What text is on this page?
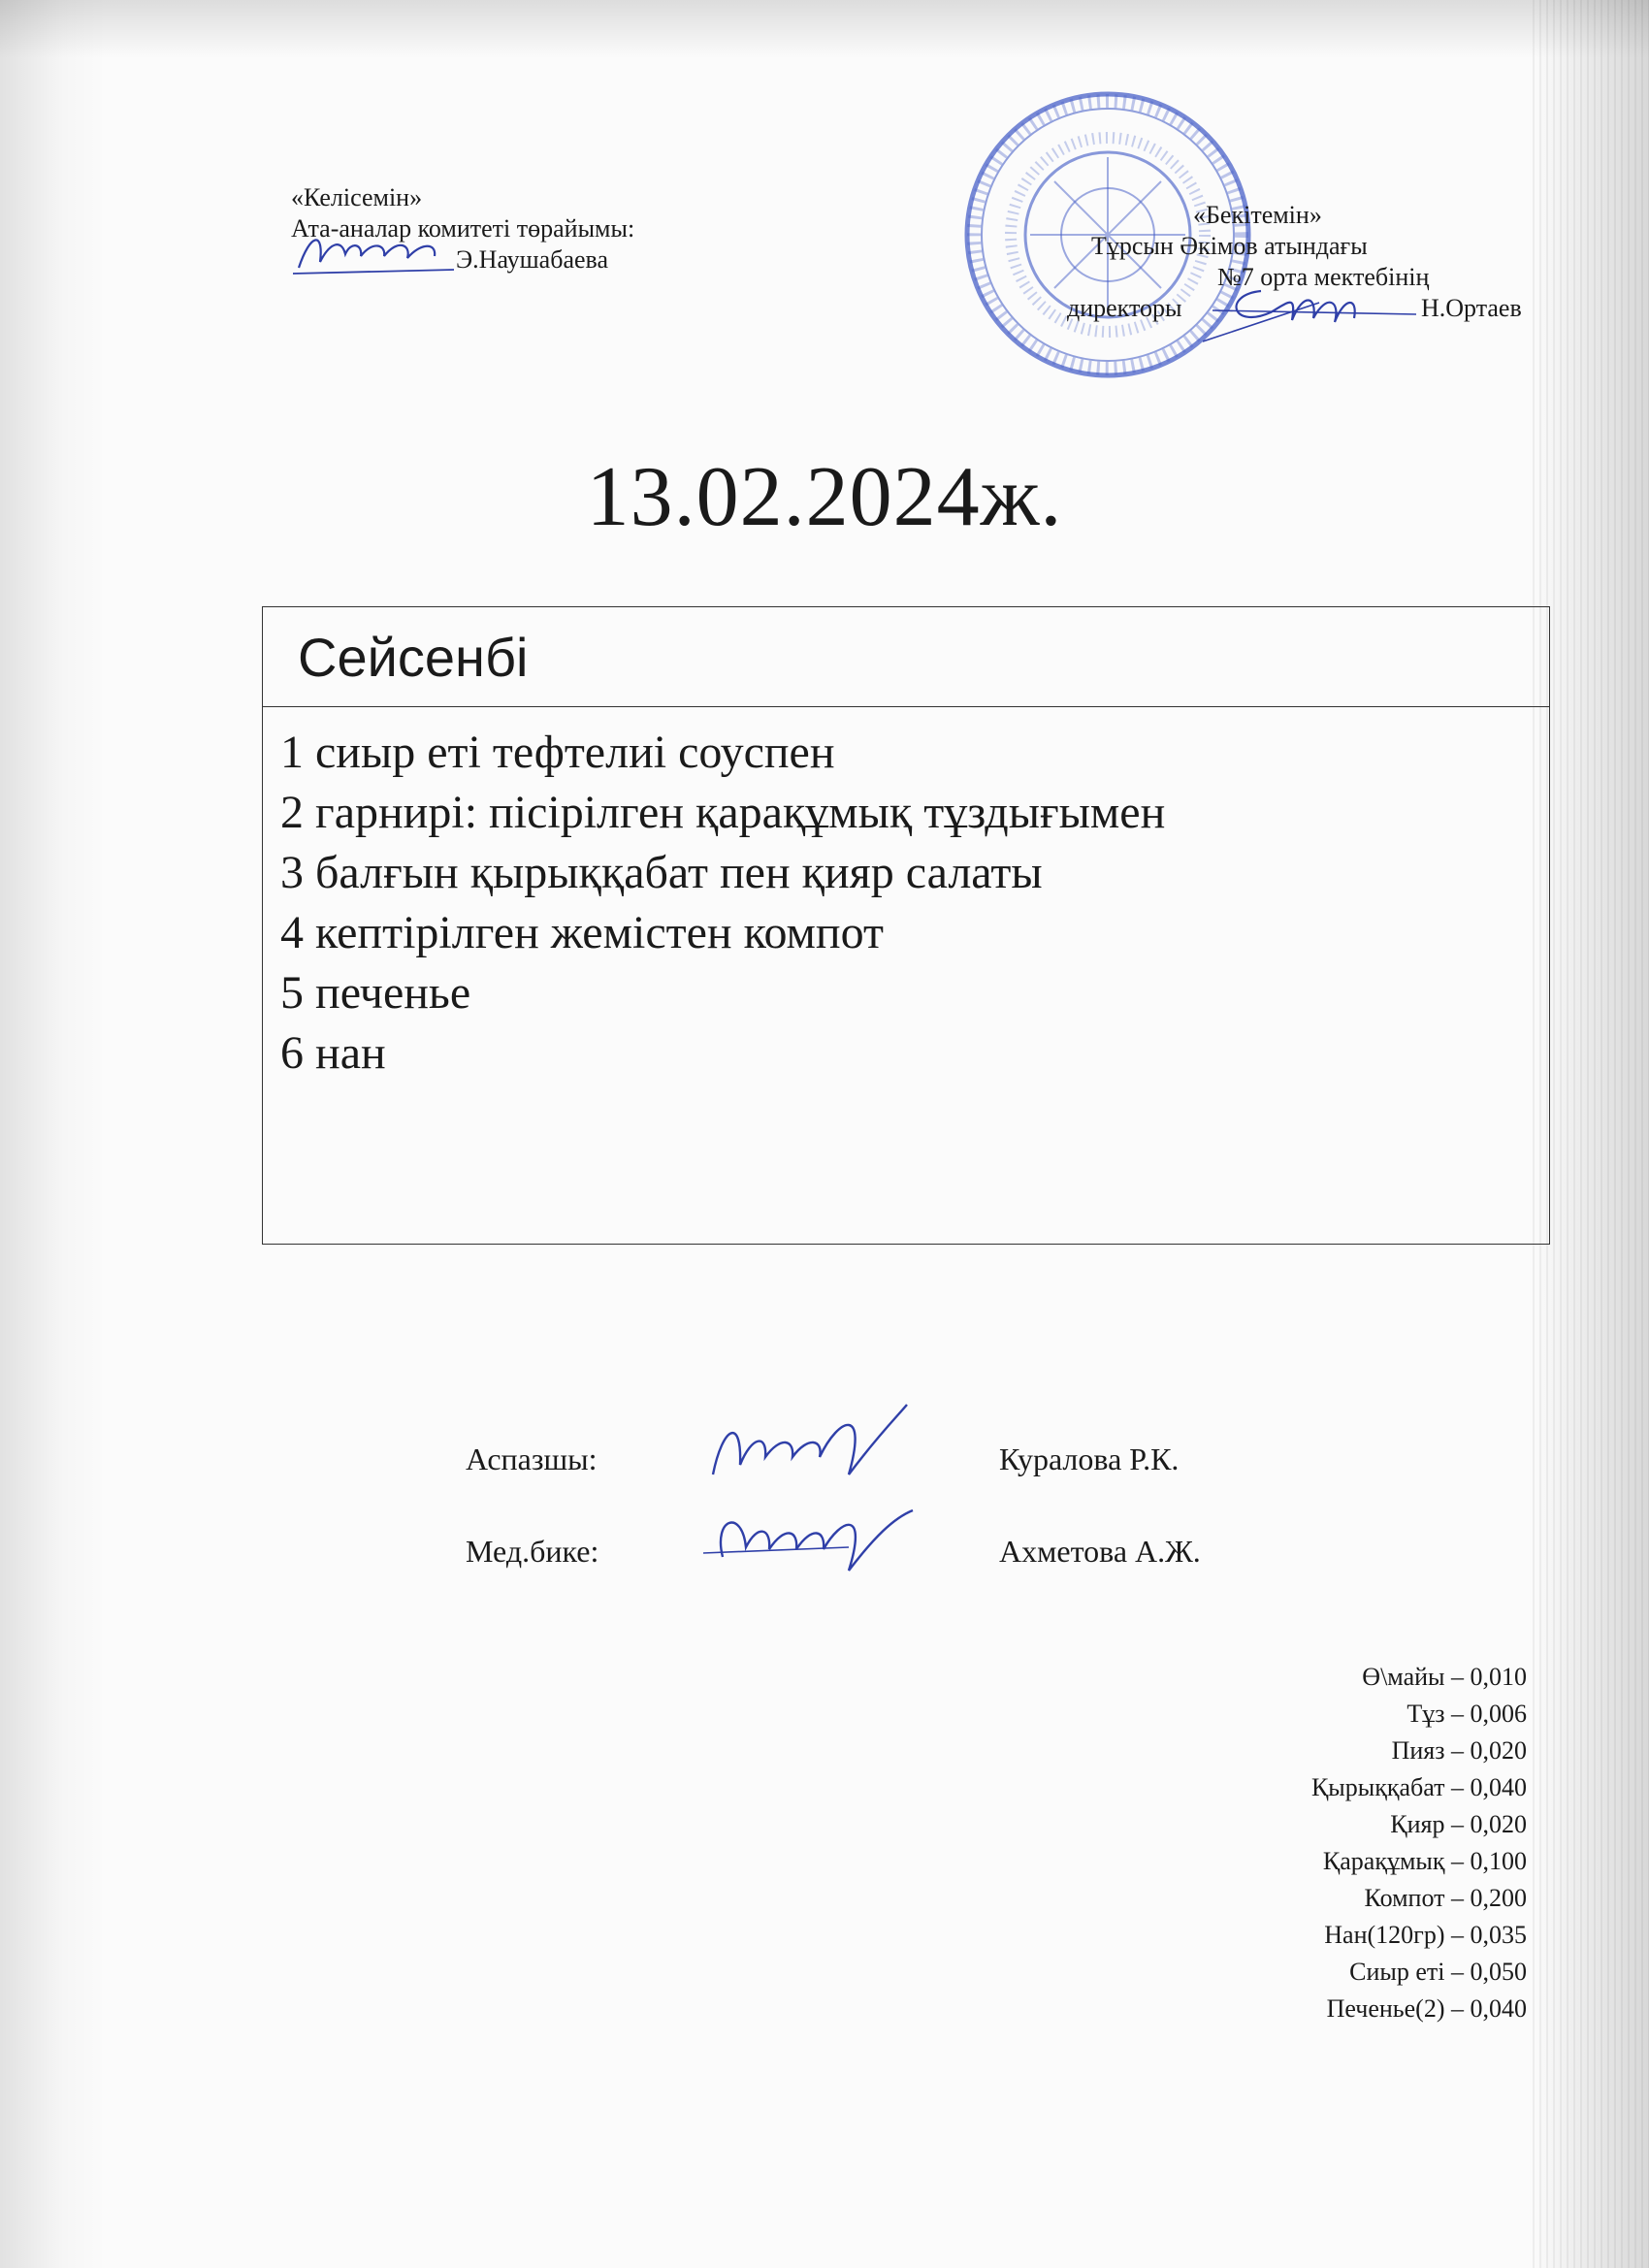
«Келісемін»
Ата-аналар комитеті төрайымы:
Э.Наушабаева
«Бекітемін»
Тұрсын Әкімов атындағы
№7 орта мектебінің
директоры	Н.Ортаев
13.02.2024ж.
Сейсенбі
1 сиыр еті тефтелиі соуспен
2 гарнирі: пісірілген қарақұмық тұздығымен
3 балғын қырыққабат пен қияр салаты
4 кептірілген жемістен компот
5 печенье
6 нан
Аспазшы:	Куралова Р.К.
Мед.бике:	Ахметова А.Ж.
Ө\майы – 0,010
Тұз – 0,006
Пияз – 0,020
Қырыққабат – 0,040
Қияр – 0,020
Қарақұмық – 0,100
Компот – 0,200
Нан(120гр) – 0,035
Сиыр еті – 0,050
Печенье(2) – 0,040
